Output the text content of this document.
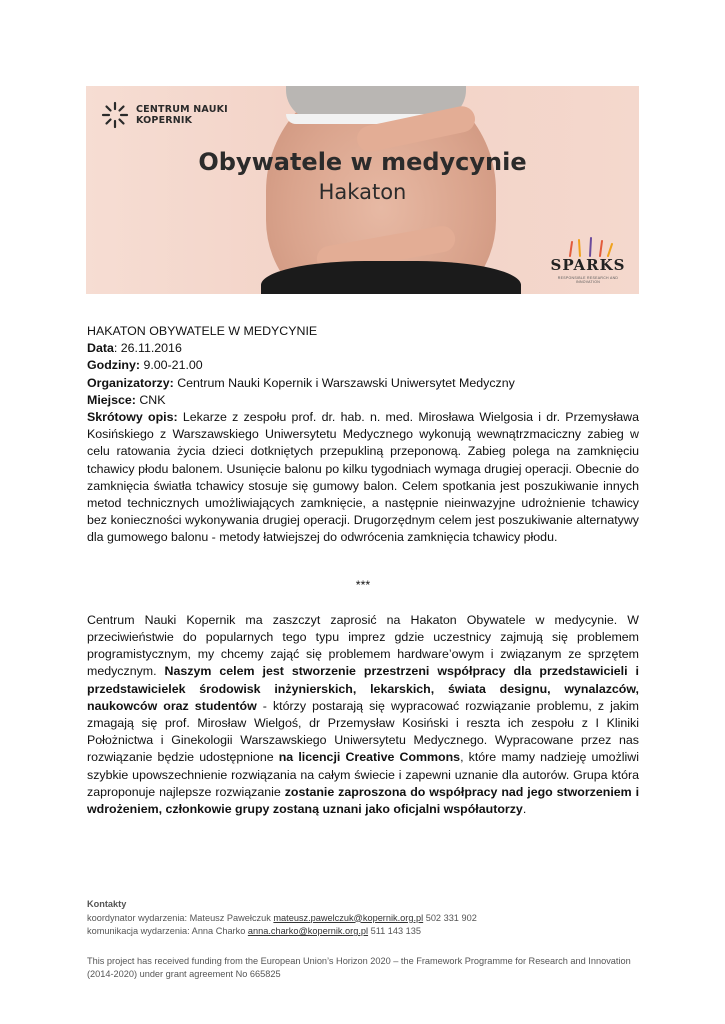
CENTRUM NAUKI
KOPERNIK
Obywatele w medycynie
Hakaton
SPARKS
RESPONSIBLE RESEARCH AND INNOVATION

HAKATON OBYWATELE W MEDYCYNIE

Data: 26.11.2016

Godziny: 9.00-21.00

Organizatorzy: Centrum Nauki Kopernik i Warszawski Uniwersytet Medyczny

Miejsce: CNK

Skrótowy opis: Lekarze z zespołu prof. dr. hab. n. med. Mirosława Wielgosia i dr. Przemysława Kosińskiego z Warszawskiego Uniwersytetu Medycznego wykonują wewnątrzmaciczny zabieg w celu ratowania życia dzieci dotkniętych przepukliną przeponową. Zabieg polega na zamknięciu tchawicy płodu balonem. Usunięcie balonu po kilku tygodniach wymaga drugiej operacji. Obecnie do zamknięcia światła tchawicy stosuje się gumowy balon. Celem spotkania jest poszukiwanie innych metod technicznych umożliwiających zamknięcie, a następnie nieinwazyjne udrożnienie tchawicy bez konieczności wykonywania drugiej operacji. Drugorzędnym celem jest poszukiwanie alternatywy dla gumowego balonu - metody łatwiejszej do odwrócenia zamknięcia tchawicy płodu.

***

Centrum Nauki Kopernik ma zaszczyt zaprosić na Hakaton Obywatele w medycynie. W przeciwieństwie do popularnych tego typu imprez gdzie uczestnicy zajmują się problemem programistycznym, my chcemy zająć się problemem hardware’owym i związanym ze sprzętem medycznym. Naszym celem jest stworzenie przestrzeni współpracy dla przedstawicieli i przedstawicielek środowisk inżynierskich, lekarskich, świata designu, wynalazców, naukowców oraz studentów - którzy postarają się wypracować rozwiązanie problemu, z jakim zmagają się prof. Mirosław Wielgoś, dr Przemysław Kosiński i reszta ich zespołu z I Kliniki Położnictwa i Ginekologii Warszawskiego Uniwersytetu Medycznego. Wypracowane przez nas rozwiązanie będzie udostępnione na licencji Creative Commons, które mamy nadzieję umożliwi szybkie upowszechnienie rozwiązania na całym świecie i zapewni uznanie dla autorów. Grupa która zaproponuje najlepsze rozwiązanie zostanie zaproszona do współpracy nad jego stworzeniem i wdrożeniem, członkowie grupy zostaną uznani jako oficjalni współautorzy.

Kontakty

koordynator wydarzenia: Mateusz Pawełczuk mateusz.pawelczuk@kopernik.org.pl 502 331 902

komunikacja wydarzenia: Anna Charko anna.charko@kopernik.org.pl 511 143 135

This project has received funding from the European Union’s Horizon 2020 – the Framework Programme for Research and Innovation (2014-2020) under grant agreement No 665825
